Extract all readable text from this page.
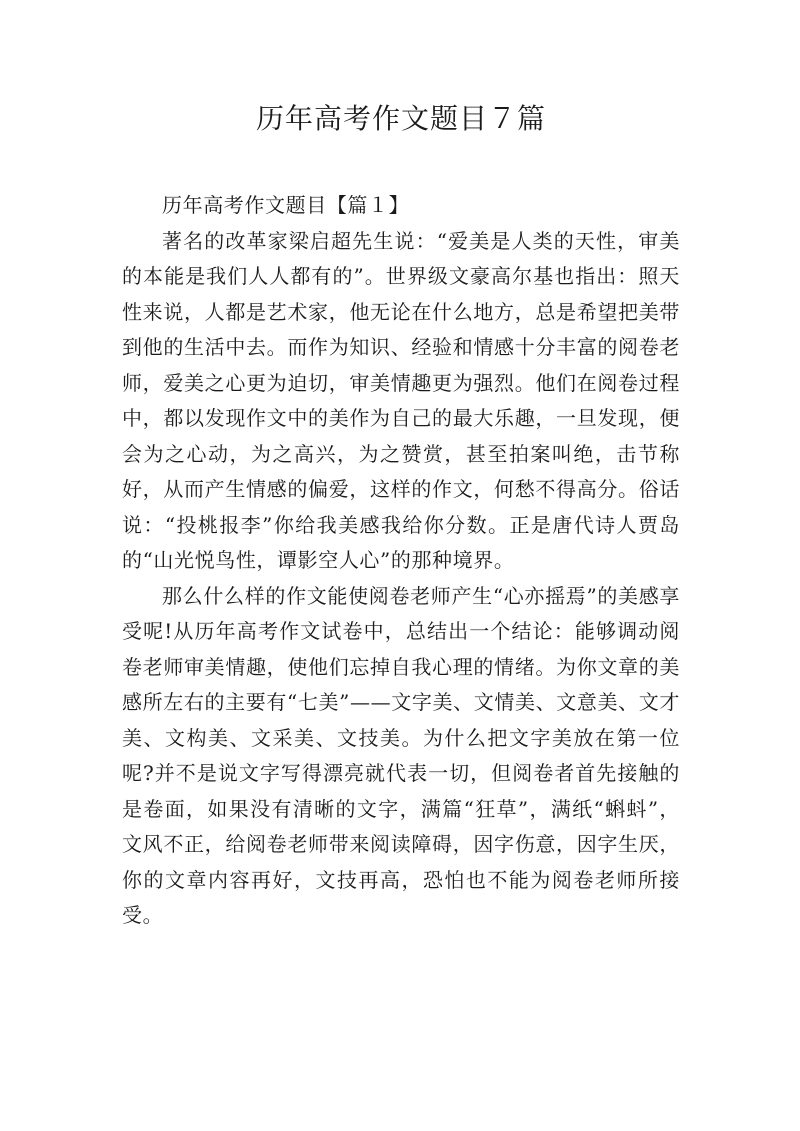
历年高考作文题目７篇

历年高考作文题目【篇１】

著名的改革家梁启超先生说：“爱美是人类的天性，审美的本能是我们人人都有的”。世界级文豪高尔基也指出：照天性来说，人都是艺术家，他无论在什么地方，总是希望把美带到他的生活中去。而作为知识、经验和情感十分丰富的阅卷老师，爱美之心更为迫切，审美情趣更为强烈。他们在阅卷过程中，都以发现作文中的美作为自己的最大乐趣，一旦发现，便会为之心动，为之高兴，为之赞赏，甚至拍案叫绝，击节称好，从而产生情感的偏爱，这样的作文，何愁不得高分。俗话说：“投桃报李”你给我美感我给你分数。正是唐代诗人贾岛的“山光悦鸟性，谭影空人心”的那种境界。

那么什么样的作文能使阅卷老师产生“心亦摇焉”的美感享受呢!从历年高考作文试卷中，总结出一个结论：能够调动阅卷老师审美情趣，使他们忘掉自我心理的情绪。为你文章的美感所左右的主要有“七美”——文字美、文情美、文意美、文才美、文构美、文采美、文技美。为什么把文字美放在第一位呢?并不是说文字写得漂亮就代表一切，但阅卷者首先接触的是卷面，如果没有清晰的文字，满篇“狂草”，满纸“蝌蚪”，文风不正，给阅卷老师带来阅读障碍，因字伤意，因字生厌，你的文章内容再好，文技再高，恐怕也不能为阅卷老师所接受。
